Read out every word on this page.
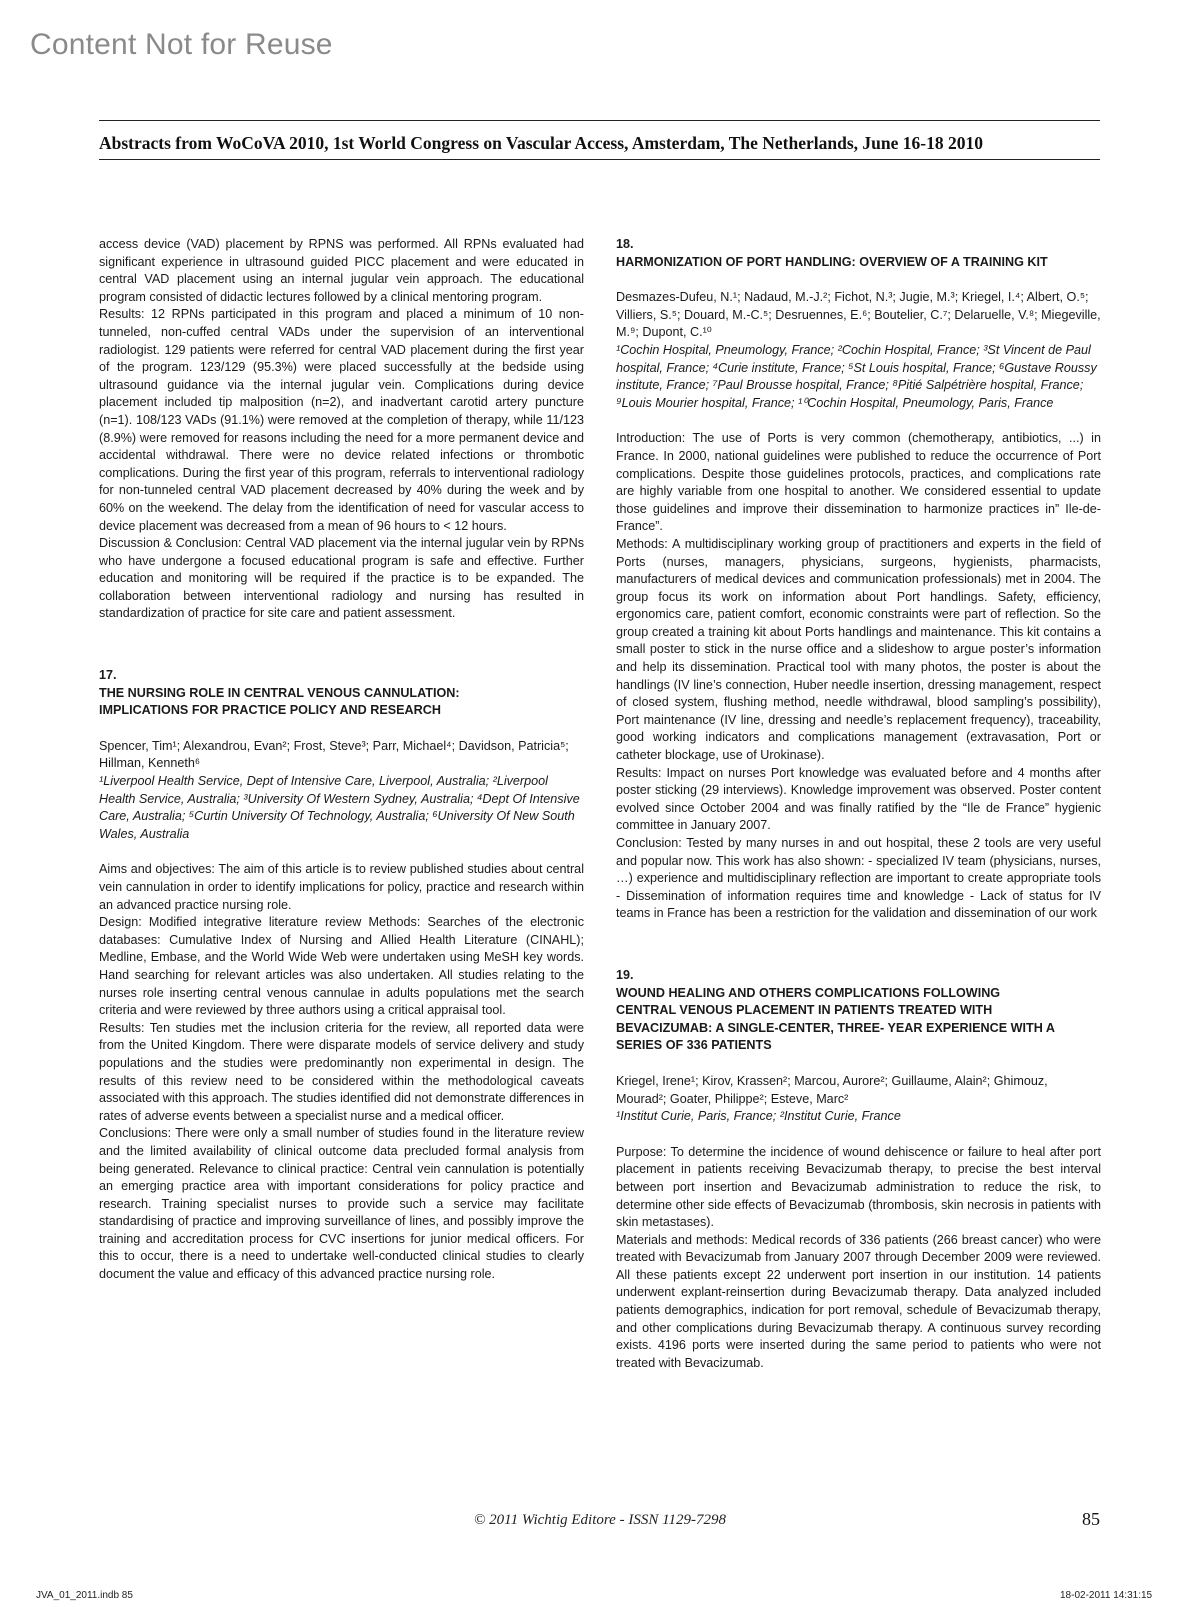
Content Not for Reuse
Abstracts from WoCoVA 2010, 1st World Congress on Vascular Access, Amsterdam, The Netherlands, June 16-18 2010

access device (VAD) placement by RPNS was performed. All RPNs evaluated had significant experience in ultrasound guided PICC placement and were educated in central VAD placement using an internal jugular vein approach. The educational program consisted of didactic lectures followed by a clinical mentoring program.

Results: 12 RPNs participated in this program and placed a minimum of 10 non-tunneled, non-cuffed central VADs under the supervision of an interventional radiologist. 129 patients were referred for central VAD placement during the first year of the program. 123/129 (95.3%) were placed successfully at the bedside using ultrasound guidance via the internal jugular vein. Complications during device placement included tip malposition (n=2), and inadvertant carotid artery puncture (n=1). 108/123 VADs (91.1%) were removed at the completion of therapy, while 11/123 (8.9%) were removed for reasons including the need for a more permanent device and accidental withdrawal. There were no device related infections or thrombotic complications. During the first year of this program, referrals to interventional radiology for non-tunneled central VAD placement decreased by 40% during the week and by 60% on the weekend. The delay from the identification of need for vascular access to device placement was decreased from a mean of 96 hours to < 12 hours.

Discussion & Conclusion: Central VAD placement via the internal jugular vein by RPNs who have undergone a focused educational program is safe and effective. Further education and monitoring will be required if the practice is to be expanded. The collaboration between interventional radiology and nursing has resulted in standardization of practice for site care and patient assessment.

17.

THE NURSING ROLE IN CENTRAL VENOUS CANNULATION:

IMPLICATIONS FOR PRACTICE POLICY AND RESEARCH

Spencer, Tim¹; Alexandrou, Evan²; Frost, Steve³; Parr, Michael⁴; Davidson, Patricia⁵; Hillman, Kenneth⁶

¹Liverpool Health Service, Dept of Intensive Care, Liverpool, Australia; ²Liverpool Health Service, Australia; ³University Of Western Sydney, Australia; ⁴Dept Of Intensive Care, Australia; ⁵Curtin University Of Technology, Australia; ⁶University Of New South Wales, Australia

Aims and objectives: The aim of this article is to review published studies about central vein cannulation in order to identify implications for policy, practice and research within an advanced practice nursing role.

Design: Modified integrative literature review Methods: Searches of the electronic databases: Cumulative Index of Nursing and Allied Health Literature (CINAHL); Medline, Embase, and the World Wide Web were undertaken using MeSH key words. Hand searching for relevant articles was also undertaken. All studies relating to the nurses role inserting central venous cannulae in adults populations met the search criteria and were reviewed by three authors using a critical appraisal tool.

Results: Ten studies met the inclusion criteria for the review, all reported data were from the United Kingdom. There were disparate models of service delivery and study populations and the studies were predominantly non experimental in design. The results of this review need to be considered within the methodological caveats associated with this approach. The studies identified did not demonstrate differences in rates of adverse events between a specialist nurse and a medical officer.

Conclusions: There were only a small number of studies found in the literature review and the limited availability of clinical outcome data precluded formal analysis from being generated. Relevance to clinical practice: Central vein cannulation is potentially an emerging practice area with important considerations for policy practice and research. Training specialist nurses to provide such a service may facilitate standardising of practice and improving surveillance of lines, and possibly improve the training and accreditation process for CVC insertions for junior medical officers. For this to occur, there is a need to undertake well-conducted clinical studies to clearly document the value and efficacy of this advanced practice nursing role.

18.

HARMONIZATION OF PORT HANDLING: OVERVIEW OF A TRAINING KIT

Desmazes-Dufeu, N.¹; Nadaud, M.-J.²; Fichot, N.³; Jugie, M.³; Kriegel, I.⁴; Albert, O.⁵; Villiers, S.⁵; Douard, M.-C.⁵; Desruennes, E.⁶; Boutelier, C.⁷; Delaruelle, V.⁸; Miegeville, M.⁹; Dupont, C.¹⁰

¹Cochin Hospital, Pneumology, France; ²Cochin Hospital, France; ³St Vincent de Paul hospital, France; ⁴Curie institute, France; ⁵St Louis hospital, France; ⁶Gustave Roussy institute, France; ⁷Paul Brousse hospital, France; ⁸Pitié Salpétrière hospital, France; ⁹Louis Mourier hospital, France; ¹⁰Cochin Hospital, Pneumology, Paris, France

Introduction: The use of Ports is very common (chemotherapy, antibiotics, ...) in France. In 2000, national guidelines were published to reduce the occurrence of Port complications. Despite those guidelines protocols, practices, and complications rate are highly variable from one hospital to another. We considered essential to update those guidelines and improve their dissemination to harmonize practices in” Ile-de-France”.

Methods: A multidisciplinary working group of practitioners and experts in the field of Ports (nurses, managers, physicians, surgeons, hygienists, pharmacists, manufacturers of medical devices and communication professionals) met in 2004. The group focus its work on information about Port handlings. Safety, efficiency, ergonomics care, patient comfort, economic constraints were part of reflection. So the group created a training kit about Ports handlings and maintenance. This kit contains a small poster to stick in the nurse office and a slideshow to argue poster’s information and help its dissemination. Practical tool with many photos, the poster is about the handlings (IV line’s connection, Huber needle insertion, dressing management, respect of closed system, flushing method, needle withdrawal, blood sampling’s possibility), Port maintenance (IV line, dressing and needle’s replacement frequency), traceability, good working indicators and complications management (extravasation, Port or catheter blockage, use of Urokinase).

Results: Impact on nurses Port knowledge was evaluated before and 4 months after poster sticking (29 interviews). Knowledge improvement was observed. Poster content evolved since October 2004 and was finally ratified by the “Ile de France” hygienic committee in January 2007.

Conclusion: Tested by many nurses in and out hospital, these 2 tools are very useful and popular now. This work has also shown: - specialized IV team (physicians, nurses, …) experience and multidisciplinary reflection are important to create appropriate tools - Dissemination of information requires time and knowledge - Lack of status for IV teams in France has been a restriction for the validation and dissemination of our work

19.

WOUND HEALING AND OTHERS COMPLICATIONS FOLLOWING

CENTRAL VENOUS PLACEMENT IN PATIENTS TREATED WITH

BEVACIZUMAB: A SINGLE-CENTER, THREE- YEAR EXPERIENCE WITH A

SERIES OF 336 PATIENTS

Kriegel, Irene¹; Kirov, Krassen²; Marcou, Aurore²; Guillaume, Alain²; Ghimouz, Mourad²; Goater, Philippe²; Esteve, Marc²

¹Institut Curie, Paris, France; ²Institut Curie, France

Purpose: To determine the incidence of wound dehiscence or failure to heal after port placement in patients receiving Bevacizumab therapy, to precise the best interval between port insertion and Bevacizumab administration to reduce the risk, to determine other side effects of Bevacizumab (thrombosis, skin necrosis in patients with skin metastases).

Materials and methods: Medical records of 336 patients (266 breast cancer) who were treated with Bevacizumab from January 2007 through December 2009 were reviewed. All these patients except 22 underwent port insertion in our institution. 14 patients underwent explant-reinsertion during Bevacizumab therapy. Data analyzed included patients demographics, indication for port removal, schedule of Bevacizumab therapy, and other complications during Bevacizumab therapy. A continuous survey recording exists. 4196 ports were inserted during the same period to patients who were not treated with Bevacizumab.

© 2011 Wichtig Editore - ISSN 1129-7298	85
JVA_01_2011.indb 85	18-02-2011 14:31:15
